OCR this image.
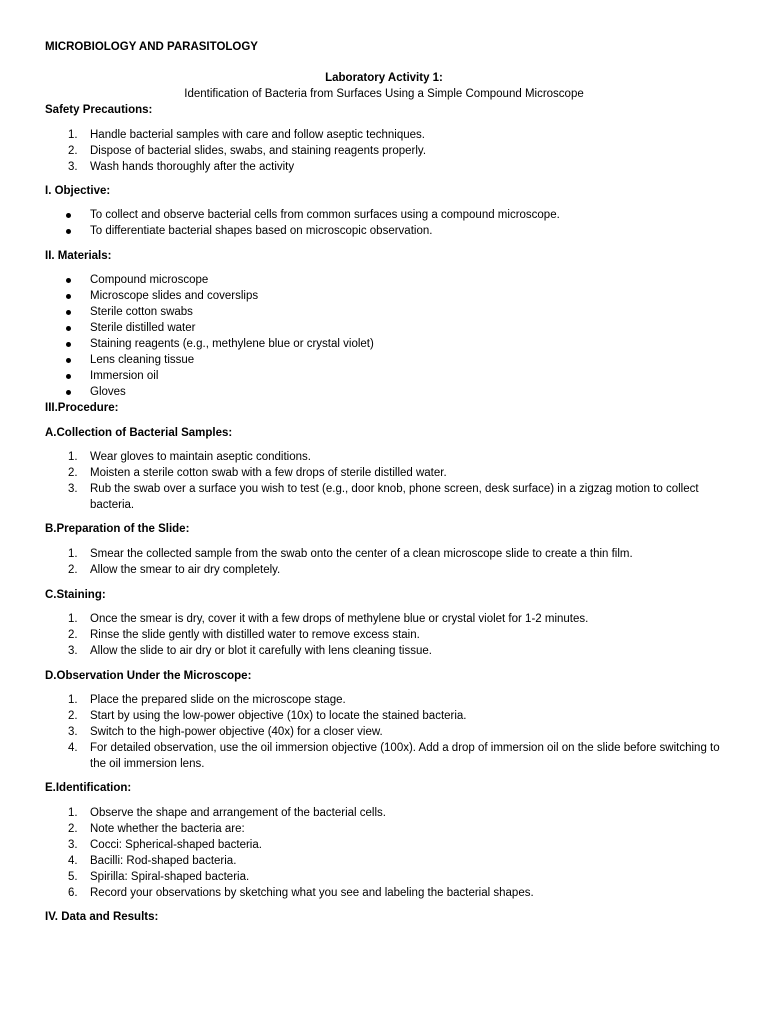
MICROBIOLOGY AND PARASITOLOGY
Laboratory Activity 1:
Identification of Bacteria from Surfaces Using a Simple Compound Microscope
Safety Precautions:
1.	Handle bacterial samples with care and follow aseptic techniques.
2.	Dispose of bacterial slides, swabs, and staining reagents properly.
3.	Wash hands thoroughly after the activity
I. Objective:
To collect and observe bacterial cells from common surfaces using a compound microscope.
To differentiate bacterial shapes based on microscopic observation.
II. Materials:
Compound microscope
Microscope slides and coverslips
Sterile cotton swabs
Sterile distilled water
Staining reagents (e.g., methylene blue or crystal violet)
Lens cleaning tissue
Immersion oil
Gloves
III.Procedure:
A.Collection of Bacterial Samples:
1.	Wear gloves to maintain aseptic conditions.
2.	Moisten a sterile cotton swab with a few drops of sterile distilled water.
3.	Rub the swab over a surface you wish to test (e.g., door knob, phone screen, desk surface) in a zigzag motion to collect bacteria.
B.Preparation of the Slide:
1.	Smear the collected sample from the swab onto the center of a clean microscope slide to create a thin film.
2.	Allow the smear to air dry completely.
C.Staining:
1.	Once the smear is dry, cover it with a few drops of methylene blue or crystal violet for 1-2 minutes.
2.	Rinse the slide gently with distilled water to remove excess stain.
3.	Allow the slide to air dry or blot it carefully with lens cleaning tissue.
D.Observation Under the Microscope:
1.	Place the prepared slide on the microscope stage.
2.	Start by using the low-power objective (10x) to locate the stained bacteria.
3.	Switch to the high-power objective (40x) for a closer view.
4.	For detailed observation, use the oil immersion objective (100x). Add a drop of immersion oil on the slide before switching to the oil immersion lens.
E.Identification:
1.	Observe the shape and arrangement of the bacterial cells.
2.	Note whether the bacteria are:
3.	Cocci: Spherical-shaped bacteria.
4.	Bacilli: Rod-shaped bacteria.
5.	Spirilla: Spiral-shaped bacteria.
6.	Record your observations by sketching what you see and labeling the bacterial shapes.
IV. Data and Results:
